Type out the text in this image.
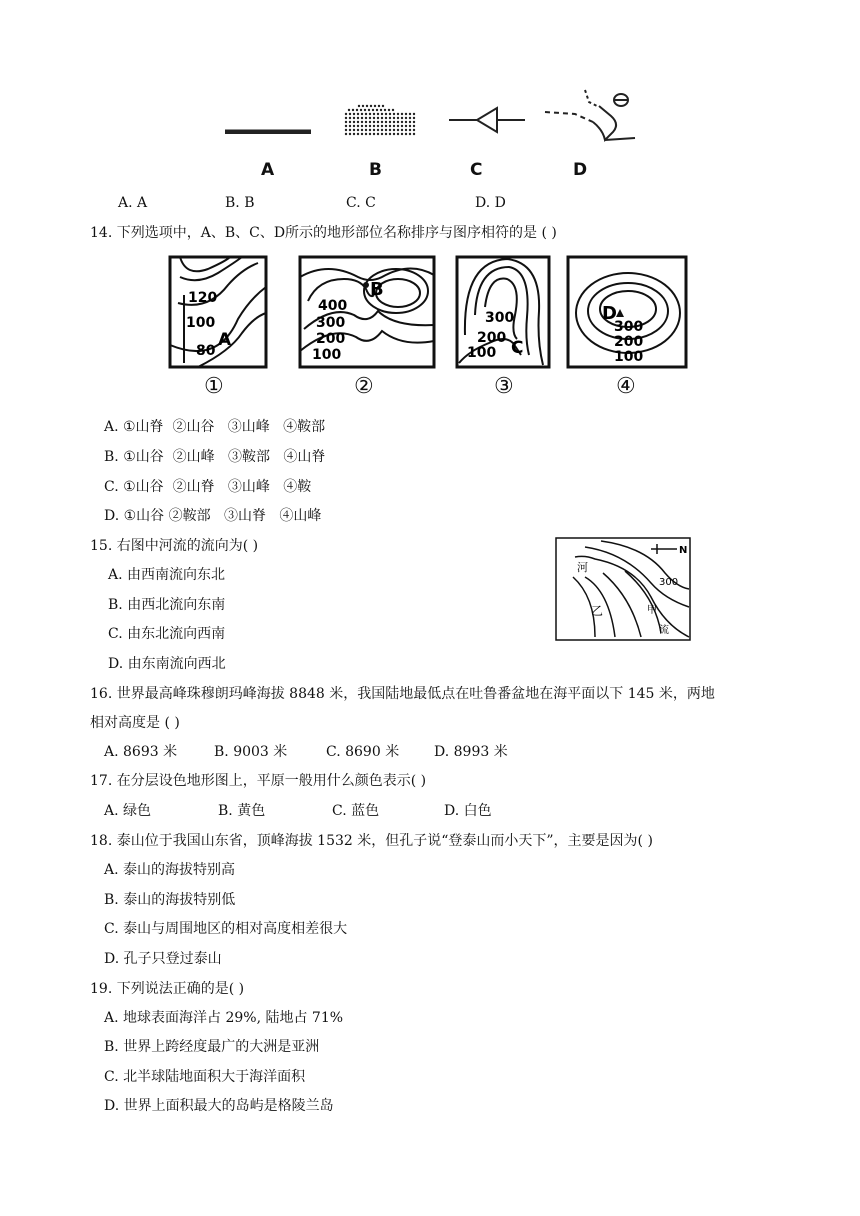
A	B	C	D
A. A	B. B	C. C	D. D
14. 下列选项中，A、B、C、D所示的地形部位名称排序与图序相符的是 ( )
120
100
80
A
①
400
300
200
100
B
②
300
200
100 C
③
D
300
200
100
④
A. ①山脊  ②山谷   ③山峰   ④鞍部
B. ①山谷  ②山峰   ③鞍部   ④山脊
C. ①山谷  ②山脊   ③山峰   ④鞍
D. ①山谷 ②鞍部   ③山脊   ④山峰
15. 右图中河流的流向为( )
A. 由西南流向东北
B. 由西北流向东南
C. 由东北流向西南
D. 由东南流向西北
N
河
300
乙	甲
流
16. 世界最高峰珠穆朗玛峰海拔 8848 米，我国陆地最低点在吐鲁番盆地在海平面以下 145 米，两地
相对高度是 ( )
A. 8693 米	B. 9003 米	C. 8690 米 D. 8993 米
17. 在分层设色地形图上，平原一般用什么颜色表示( )
A. 绿色	B. 黄色	C. 蓝色	D. 白色
18. 泰山位于我国山东省，顶峰海拔 1532 米，但孔子说“登泰山而小天下”，主要是因为( )
A. 泰山的海拔特别高
B. 泰山的海拔特别低
C. 泰山与周围地区的相对高度相差很大
D. 孔子只登过泰山
19. 下列说法正确的是( )
A. 地球表面海洋占 29%, 陆地占 71%
B. 世界上跨经度最广的大洲是亚洲
C. 北半球陆地面积大于海洋面积
D. 世界上面积最大的岛屿是格陵兰岛
